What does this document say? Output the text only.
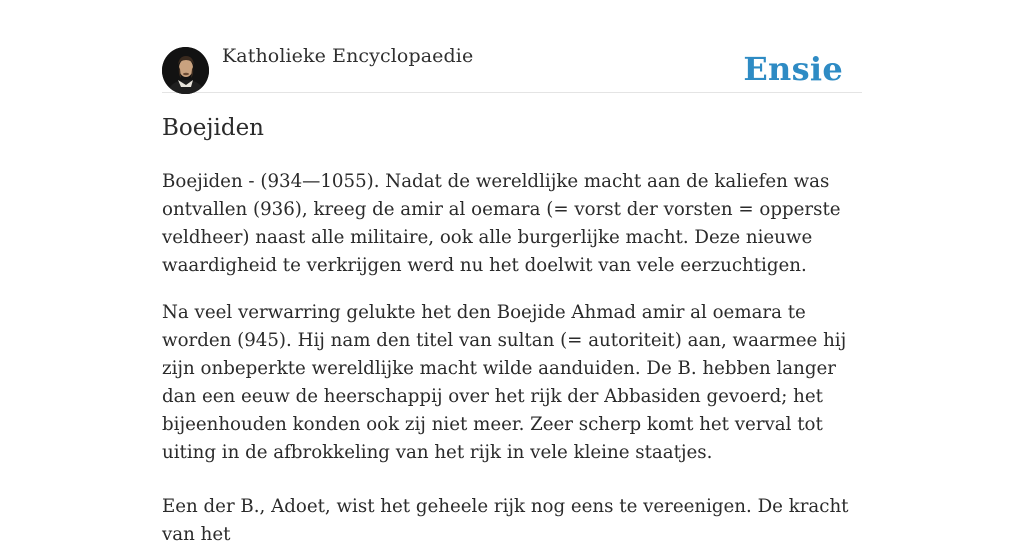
Katholieke Encyclopaedie	Ensie
Boejiden

Boejiden - (934—1055). Nadat de wereldlijke macht aan de kaliefen was ontvallen (936), kreeg de amir al oemara (= vorst der vorsten = opperste veldheer) naast alle militaire, ook alle burgerlijke macht. Deze nieuwe waardigheid te verkrijgen werd nu het doelwit van vele eerzuchtigen.

Na veel verwarring gelukte het den Boejide Ahmad amir al oemara te worden (945). Hij nam den titel van sultan (= autoriteit) aan, waarmee hij zijn onbeperkte wereldlijke macht wilde aanduiden. De B. hebben langer dan een eeuw de heerschappij over het rijk der Abbasiden gevoerd; het bijeenhouden konden ook zij niet meer. Zeer scherp komt het verval tot uiting in de afbrokkeling van het rijk in vele kleine staatjes.

Een der B., Adoet, wist het geheele rijk nog eens te vereenigen. De kracht van het
